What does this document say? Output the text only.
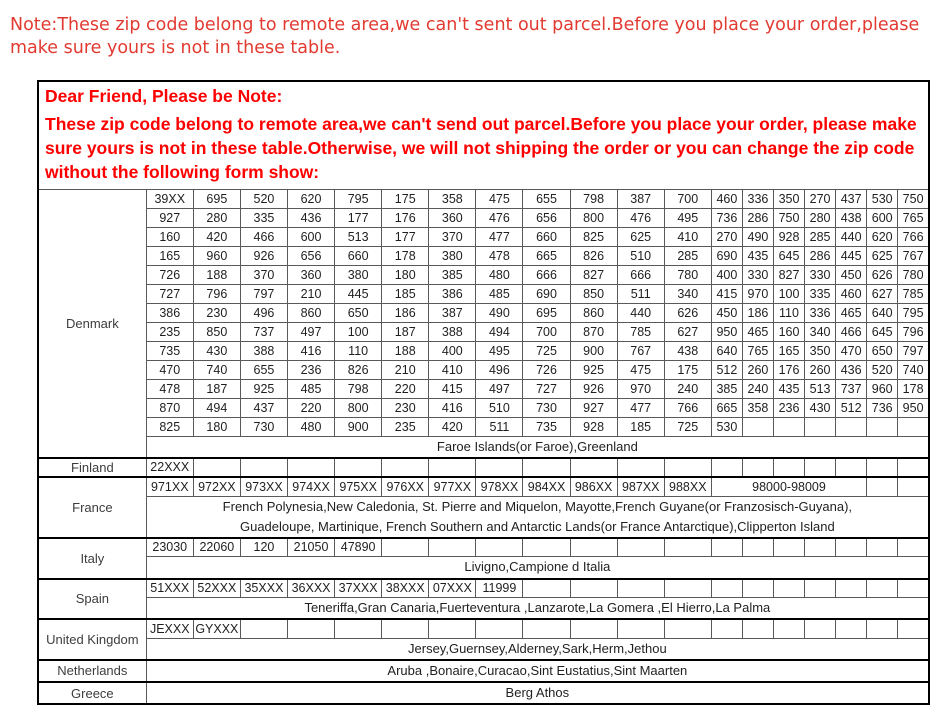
Note:These zip code belong to remote area,we can't sent out parcel.Before you place your order,please make sure yours is not in these table.
Dear Friend, Please be Note:
These zip code belong to remote area,we can't send out parcel.Before you place your order, please make sure yours is not in these table.Otherwise, we will not shipping the order or you can change the zip code without the following form show:																			

Denmark	39XX	695	520	620	795	175	358	475	655	798	387	700	460	336	350	270	437	530	750
	927	280	335	436	177	176	360	476	656	800	476	495	736	286	750	280	438	600	765
	160	420	466	600	513	177	370	477	660	825	625	410	270	490	928	285	440	620	766
	165	960	926	656	660	178	380	478	665	826	510	285	690	435	645	286	445	625	767
	726	188	370	360	380	180	385	480	666	827	666	780	400	330	827	330	450	626	780
	727	796	797	210	445	185	386	485	690	850	511	340	415	970	100	335	460	627	785
	386	230	496	860	650	186	387	490	695	860	440	626	450	186	110	336	465	640	795
	235	850	737	497	100	187	388	494	700	870	785	627	950	465	160	340	466	645	796
	735	430	388	416	110	188	400	495	725	900	767	438	640	765	165	350	470	650	797
	470	740	655	236	826	210	410	496	726	925	475	175	512	260	176	260	436	520	740
	478	187	925	485	798	220	415	497	727	926	970	240	385	240	435	513	737	960	178
	870	494	437	220	800	230	416	510	730	927	477	766	665	358	236	430	512	736	950
	825	180	730	480	900	235	420	511	735	928	185	725	530						

	Faroe Islands(or Faroe),Greenland																		

Finland	22XXX																		
France	971XX	972XX	973XX	974XX	975XX	976XX	977XX	978XX	984XX	986XX	987XX	988XX	98000-98009						

	French Polynesia,New Caledonia, St. Pierre and Miquelon, Mayotte,French Guyane(or Franzosisch-Guyana),
Guadeloupe, Martinique, French Southern and Antarctic Lands(or France Antarctique),Clipperton Island																		

Italy	23030	22060	120	21050	47890														

	Livigno,Campione d Italia																		

Spain	51XXX	52XXX	35XXX	36XXX	37XXX	38XXX	07XXX	11999											

	Teneriffa,Gran Canaria,Fuerteventura ,Lanzarote,La Gomera ,El Hierro,La Palma																		

United Kingdom	JEXXX	GYXXX																	

	Jersey,Guernsey,Alderney,Sark,Herm,Jethou																		

Netherlands	Aruba ,Bonaire,Curacao,Sint Eustatius,Sint Maarten																		

Greece	Berg Athos																		
